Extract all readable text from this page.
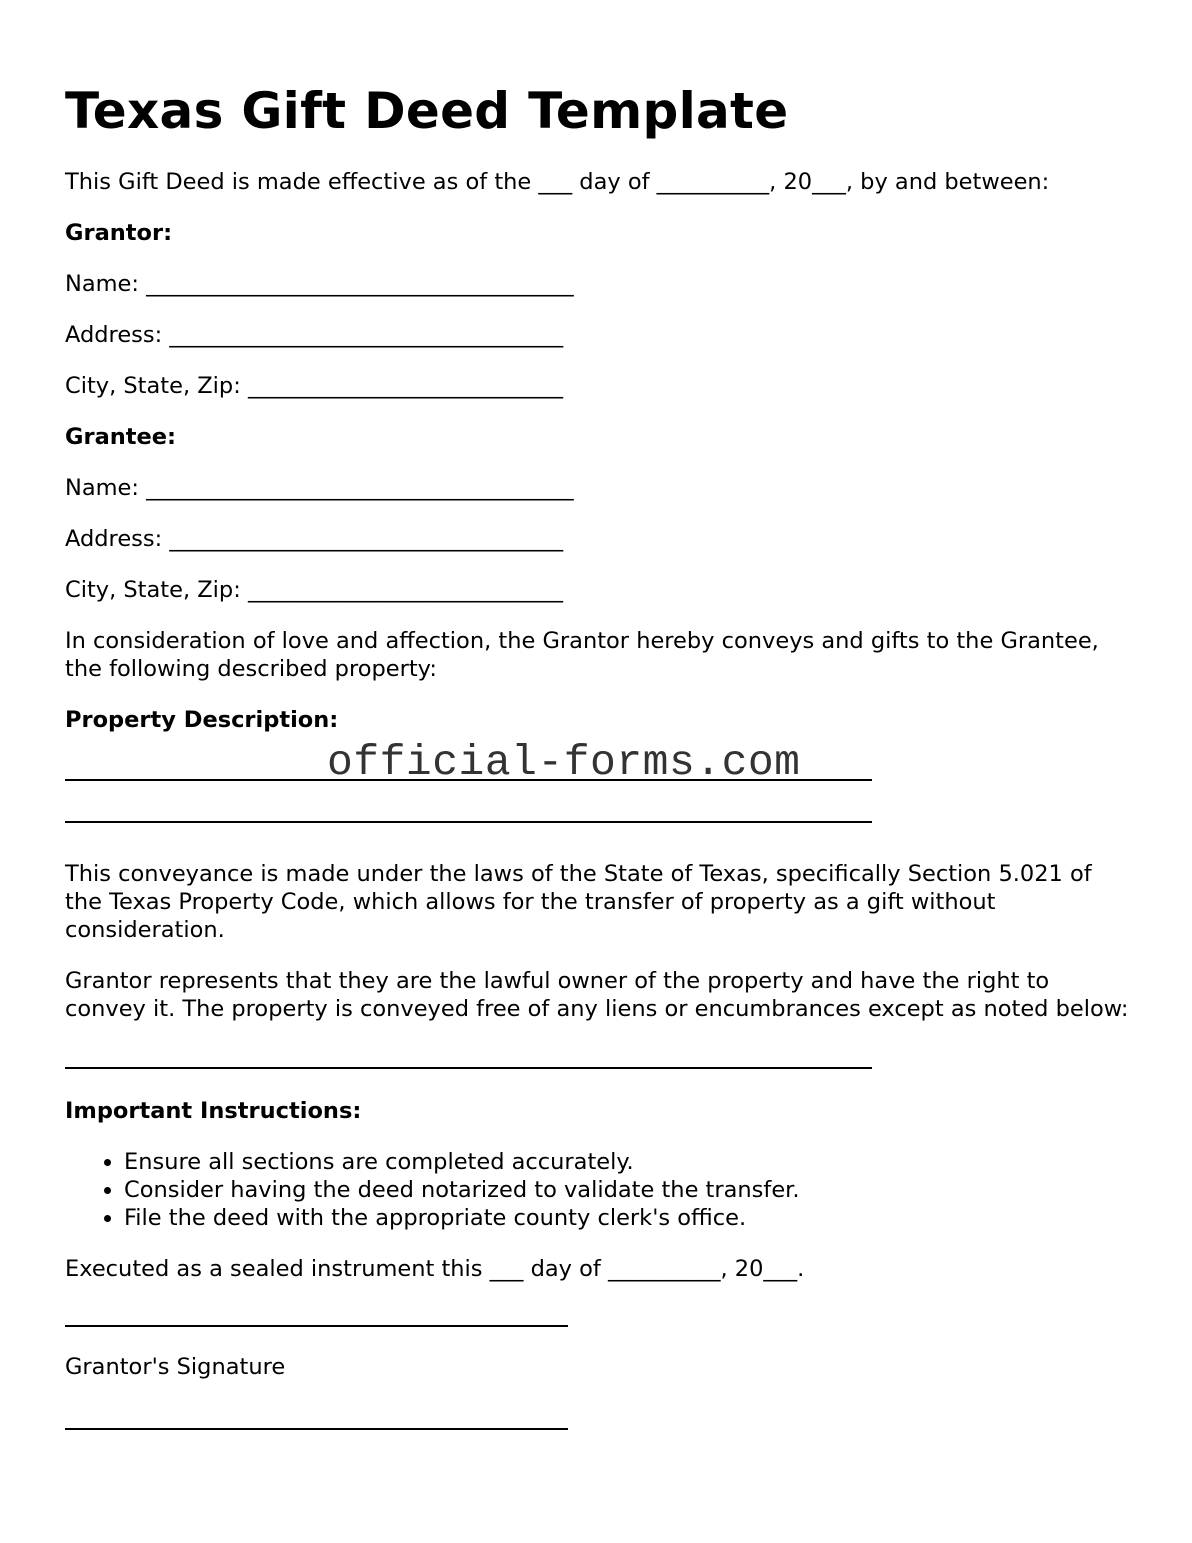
Texas Gift Deed Template

This Gift Deed is made effective as of the ___ day of __________, 20___, by and between:

Grantor:

Name: ______________________________________

Address: ___________________________________

City, State, Zip: ____________________________

Grantee:

Name: ______________________________________

Address: ___________________________________

City, State, Zip: ____________________________

In consideration of love and affection, the Grantor hereby conveys and gifts to the Grantee, the following described property:

Property Description:

official-forms.com

This conveyance is made under the laws of the State of Texas, specifically Section 5.021 of the Texas Property Code, which allows for the transfer of property as a gift without consideration.

Grantor represents that they are the lawful owner of the property and have the right to convey it. The property is conveyed free of any liens or encumbrances except as noted below:

Important Instructions:

• Ensure all sections are completed accurately.
• Consider having the deed notarized to validate the transfer.
• File the deed with the appropriate county clerk's office.

Executed as a sealed instrument this ___ day of __________, 20___.

Grantor's Signature
